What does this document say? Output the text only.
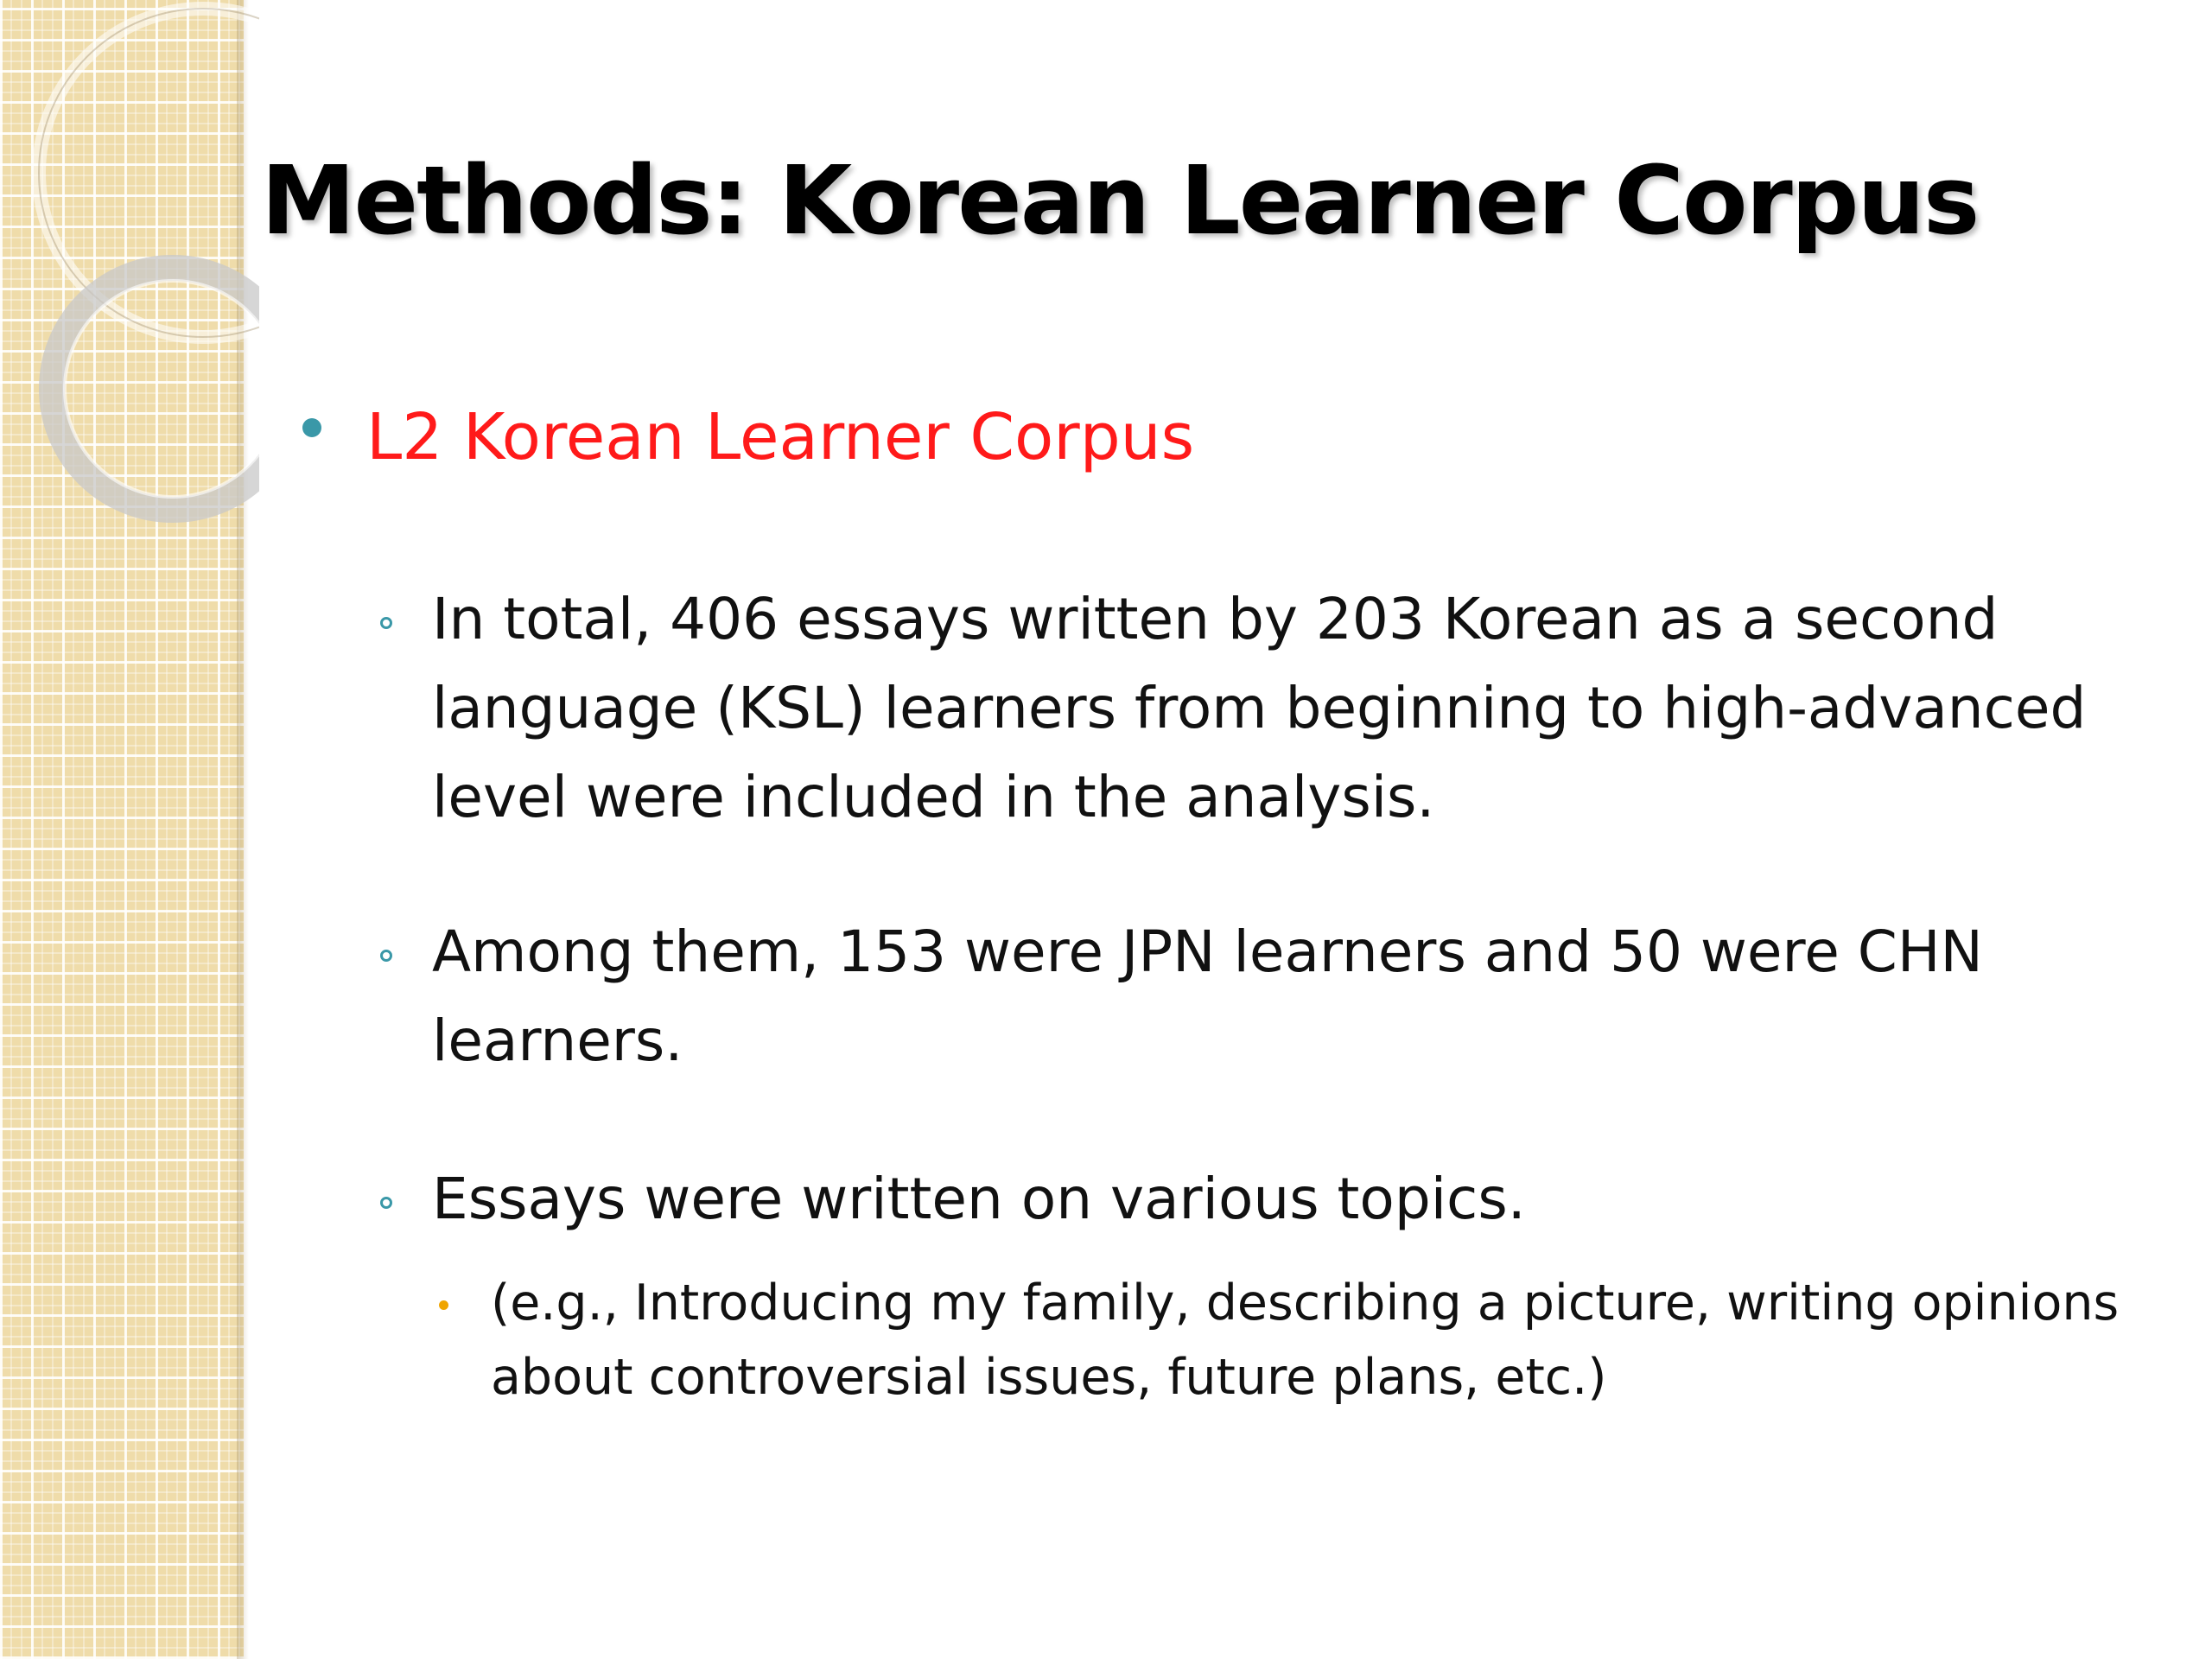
Methods: Korean Learner Corpus
L2 Korean Learner Corpus
In total, 406 essays written by 203 Korean as a second language (KSL) learners from beginning to high-advanced level were included in the analysis.
Among them, 153 were JPN learners and 50 were CHN learners.
Essays were written on various topics.
(e.g., Introducing my family, describing a picture, writing opinions about controversial issues, future plans, etc.)
